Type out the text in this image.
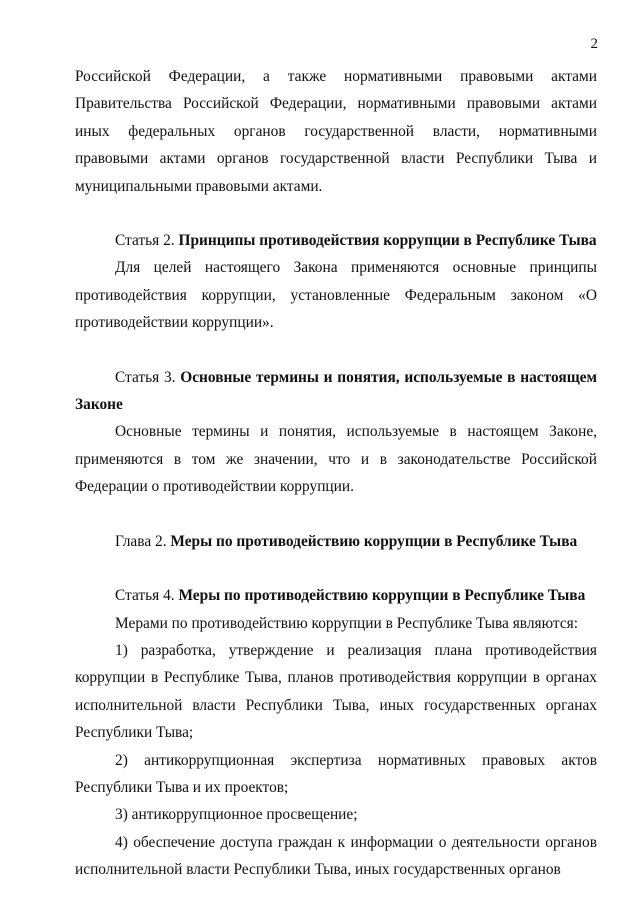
2

Российской Федерации, а также нормативными правовыми актами Правительства Российской Федерации, нормативными правовыми актами иных федеральных органов государственной власти, нормативными правовыми актами органов государственной власти Республики Тыва и муниципальными правовыми актами.

Статья 2. Принципы противодействия коррупции в Республике Тыва

Для целей настоящего Закона применяются основные принципы противодействия коррупции, установленные Федеральным законом «О противодействии коррупции».

Статья 3. Основные термины и понятия, используемые в настоящем Законе

Основные термины и понятия, используемые в настоящем Законе, применяются в том же значении, что и в законодательстве Российской Федерации о противодействии коррупции.

Глава 2. Меры по противодействию коррупции в Республике Тыва

Статья 4. Меры по противодействию коррупции в Республике Тыва

Мерами по противодействию коррупции в Республике Тыва являются:

1) разработка, утверждение и реализация плана противодействия коррупции в Республике Тыва, планов противодействия коррупции в органах исполнительной власти Республики Тыва, иных государственных органах Республики Тыва;

2) антикоррупционная экспертиза нормативных правовых актов Республики Тыва и их проектов;

3) антикоррупционное просвещение;

4) обеспечение доступа граждан к информации о деятельности органов исполнительной власти Республики Тыва, иных государственных органов
